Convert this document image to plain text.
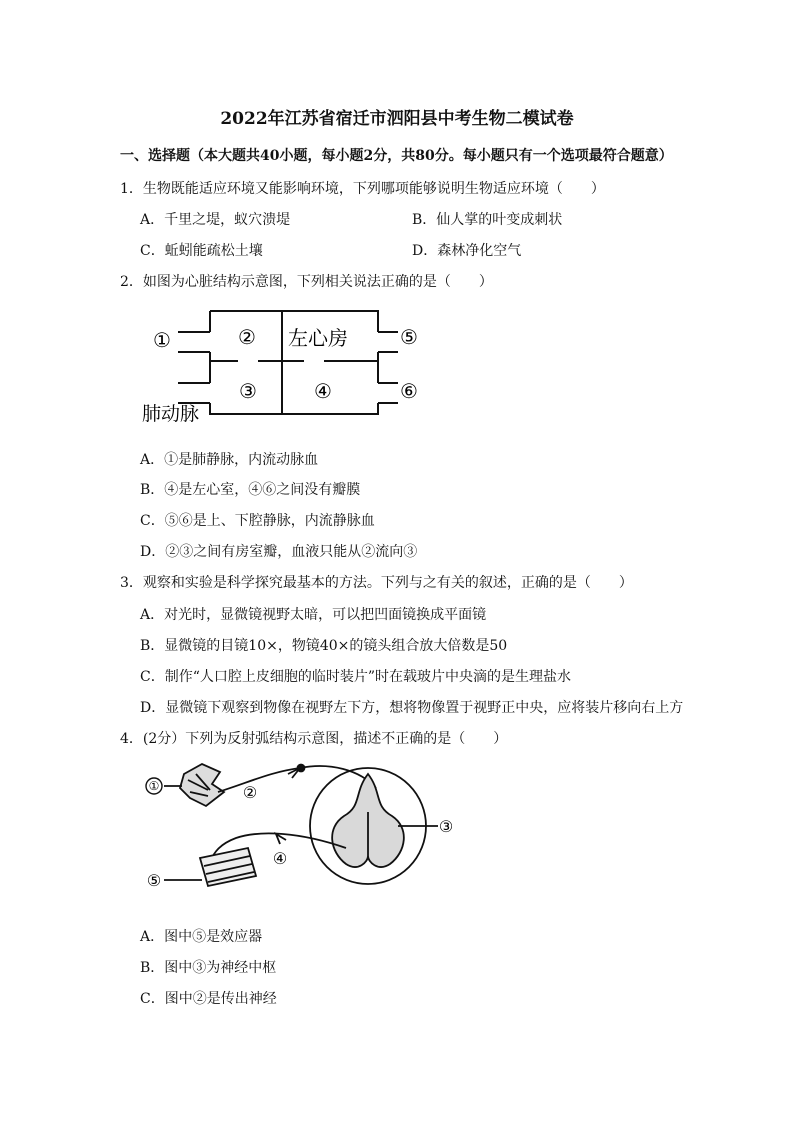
2022年江苏省宿迁市泗阳县中考生物二模试卷
一、选择题（本大题共40小题，每小题2分，共80分。每小题只有一个选项最符合题意）
1．生物既能适应环境又能影响环境，下列哪项能够说明生物适应环境（　　）
A．千里之堤，蚁穴溃堤	B．仙人掌的叶变成刺状
C．蚯蚓能疏松土壤	D．森林净化空气
2．如图为心脏结构示意图，下列相关说法正确的是（　　）
①	② 左心房	⑤
③	④	⑥
肺动脉
A．①是肺静脉，内流动脉血
B．④是左心室，④⑥之间没有瓣膜
C．⑤⑥是上、下腔静脉，内流静脉血
D．②③之间有房室瓣，血液只能从②流向③
3．观察和实验是科学探究最基本的方法。下列与之有关的叙述，正确的是（　　）
A．对光时，显微镜视野太暗，可以把凹面镜换成平面镜
B．显微镜的目镜10×，物镜40×的镜头组合放大倍数是50
C．制作“人口腔上皮细胞的临时装片”时在载玻片中央滴的是生理盐水
D．显微镜下观察到物像在视野左下方，想将物像置于视野正中央，应将装片移向右上方
4．(2分）下列为反射弧结构示意图，描述不正确的是（　　）
①	②
③
④
⑤
A．图中⑤是效应器
B．图中③为神经中枢
C．图中②是传出神经
